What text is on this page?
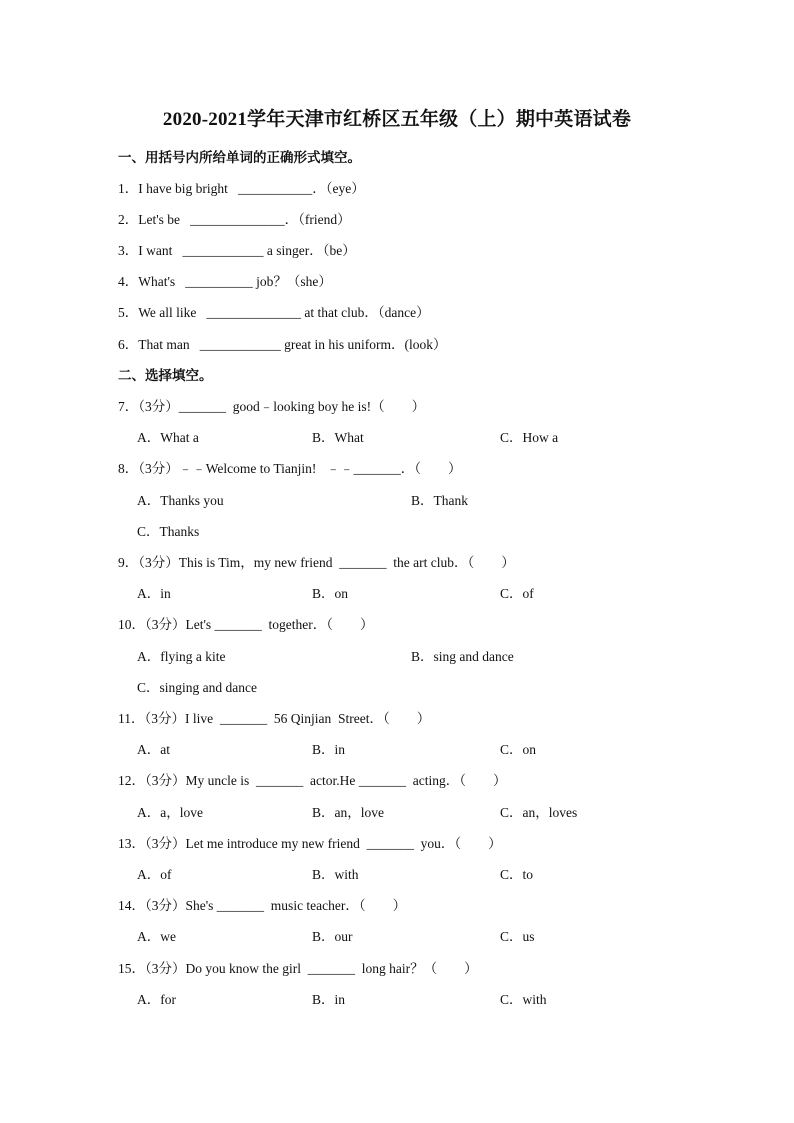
2020-2021学年天津市红桥区五年级（上）期中英语试卷
一、用括号内所给单词的正确形式填空。
1．I have big bright   ___________．（eye）
2．Let's be   ______________．（friend）
3．I want   ____________ a singer．（be）
4．What's   __________ job？（she）
5．We all like   ______________ at that club．（dance）
6．That man   ____________ great in his uniform．(look）
二、选择填空。
7．（3分）_______  good﹣looking boy he is!（　　）
A．What a	B．What	C．How a
8．（3分）﹣﹣Welcome to Tianjin!   ﹣﹣_______．（　　）
A．Thanks you	B．Thank
C．Thanks
9．（3分）This is Tim，my new friend  _______  the art club．（　　）
A．in	B．on	C．of
10．（3分）Let's _______  together．（　　）
A．flying a kite	B．sing and dance
C．singing and dance
11．（3分）I live  _______  56 Qinjian  Street．（　　）
A．at	B．in	C．on
12．（3分）My uncle is  _______  actor.He _______  acting．（　　）
A．a，love	B．an，love	C．an，loves
13．（3分）Let me introduce my new friend  _______  you．（　　）
A．of	B．with	C．to
14．（3分）She's _______  music teacher．（　　）
A．we	B．our	C．us
15．（3分）Do you know the girl  _______  long hair？（　　）
A．for	B．in	C．with
